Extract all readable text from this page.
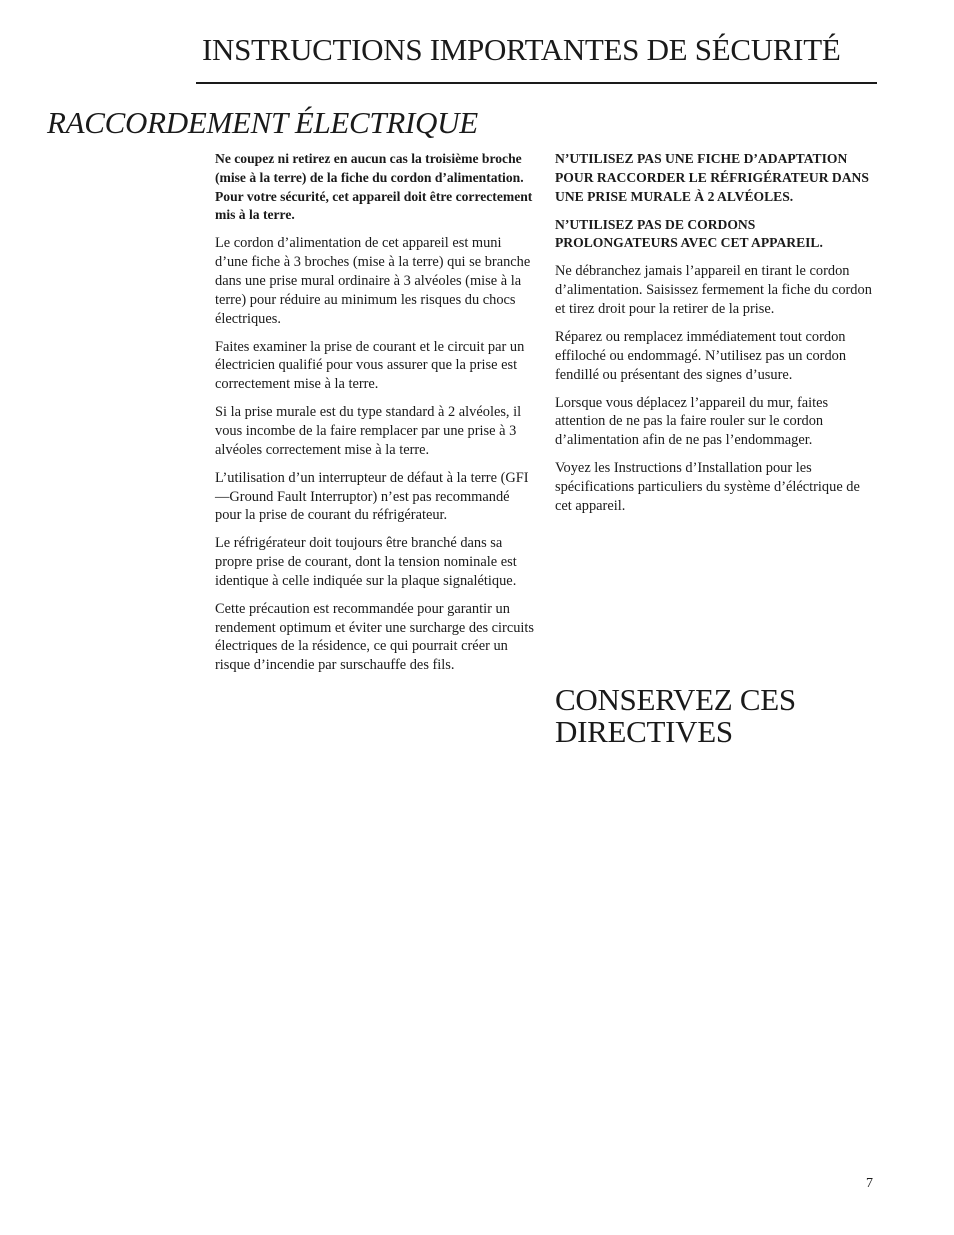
INSTRUCTIONS IMPORTANTES DE SÉCURITÉ
RACCORDEMENT ÉLECTRIQUE

Ne coupez ni retirez en aucun cas la troisième broche (mise à la terre) de la fiche du cordon d’alimentation. Pour votre sécurité, cet appareil doit être correctement mis à la terre.

Le cordon d’alimentation de cet appareil est muni d’une fiche à 3 broches (mise à la terre) qui se branche dans une prise mural ordinaire à 3 alvéoles (mise à la terre) pour réduire au minimum les risques du chocs électriques.

Faites examiner la prise de courant et le circuit par un électricien qualifié pour vous assurer que la prise est correctement mise à la terre.

Si la prise murale est du type standard à 2 alvéoles, il vous incombe de la faire remplacer par une prise à 3 alvéoles correctement mise à la terre.

L’utilisation d’un interrupteur de défaut à la terre (GFI—Ground Fault Interruptor) n’est pas recommandé pour la prise de courant du réfrigérateur.

Le réfrigérateur doit toujours être branché dans sa propre prise de courant, dont la tension nominale est identique à celle indiquée sur la plaque signalétique.

Cette précaution est recommandée pour garantir un rendement optimum et éviter une surcharge des circuits électriques de la résidence, ce qui pourrait créer un risque d’incendie par surschauffe des fils.

N’UTILISEZ PAS UNE FICHE D’ADAPTATION POUR RACCORDER LE RÉFRIGÉRATEUR DANS UNE PRISE MURALE À 2 ALVÉOLES.

N’UTILISEZ PAS DE CORDONS PROLONGATEURS AVEC CET APPAREIL.

Ne débranchez jamais l’appareil en tirant le cordon d’alimentation. Saisissez fermement la fiche du cordon et tirez droit pour la retirer de la prise.

Réparez ou remplacez immédiatement tout cordon effiloché ou endommagé. N’utilisez pas un cordon fendillé ou présentant des signes d’usure.

Lorsque vous déplacez l’appareil du mur, faites attention de ne pas la faire rouler sur le cordon d’alimentation afin de ne pas l’endommager.

Voyez les Instructions d’Installation pour les spécifications particuliers du système d’éléctrique de cet appareil.

CONSERVEZ CES
DIRECTIVES
7
